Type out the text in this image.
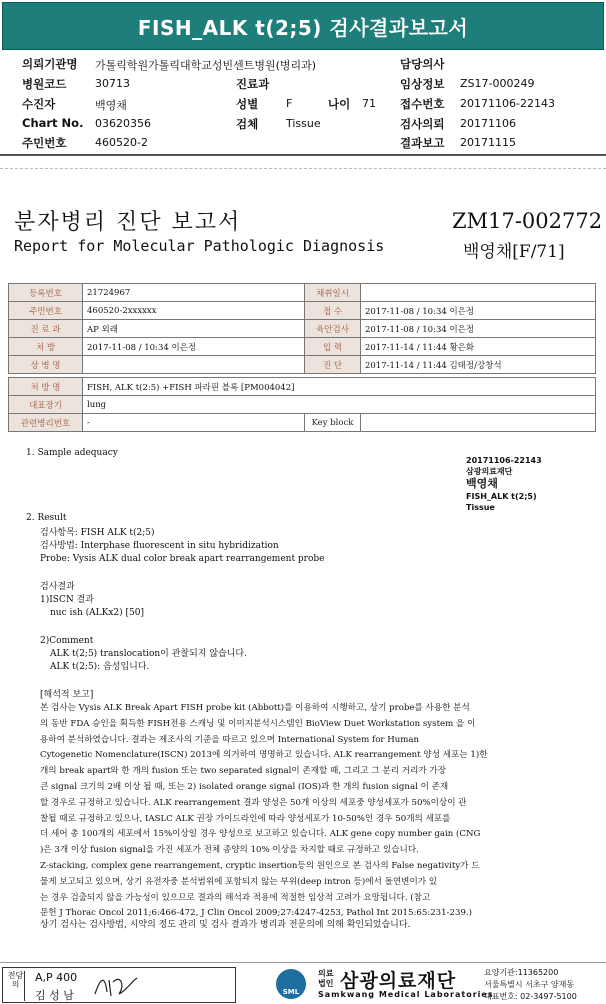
FISH_ALK t(2;5) 검사결과보고서
의뢰기관명 가톨릭학원가톨릭대학교성빈센트병원(병리과)	담당의사
병원코드	30713	진료과	임상정보 ZS17-000249
수진자	백영채	성별	F	나이 71 접수번호 20171106-22143
Chart No. 03620356	검체	Tissue	검사의뢰 20171106
주민번호	460520-2	결과보고 20171115
분자병리 진단 보고서
Report for Molecular Pathologic Diagnosis
ZM17-002772
백영채[F/71]
등록번호	21724967	채취일시	
주민번호	460520-2xxxxxx	접 수	2017-11-08 / 10:34 이은정
진 료 과	AP 외래	육안검사	2017-11-08 / 10:34 이은정
처 방	2017-11-08 / 10:34 이은정	입 력	2017-11-14 / 11:44 황은화
상 병 명		진 단	2017-11-14 / 11:44 김태정/강창석
처 방 명	FISH, ALK t(2:5) +FISH 파라핀 블록 [PM004042]		
대표장기	lung		
관련병리번호	-	Key block	
1. Sample adequacy
20171106-22143
삼광의료재단
백영채
FISH_ALK t(2;5)
Tissue
2. Result
검사항목: FISH ALK t(2;5)
검사방법: Interphase fluorescent in situ hybridization
Probe: Vysis ALK dual color break apart rearrangement probe
검사결과
1)ISCN 결과
nuc ish (ALKx2) [50]
2)Comment
ALK t(2;5) translocation이 관찰되지 않습니다.
ALK t(2;5): 음성입니다.
[해석적 보고]
본 검사는 Vysis ALK Break Apart FISH probe kit (Abbott)를 이용하여 시행하고, 상기 probe를 사용한 분석
의 동반 FDA 승인을 획득한 FISH전용 스캐닝 및 이미지분석시스템인 BioView Duet Workstation system 을 이
용하여 분석하였습니다. 결과는 제조사의 기준을 따르고 있으며 International System for Human
Cytogenetic Nomenclature(ISCN) 2013에 의거하여 명명하고 있습니다. ALK rearrangement 양성 세포는 1)한
개의 break apart와 한 개의 fusion 또는 two separated signal이 존재할 때, 그리고 그 분리 거리가 가장
큰 signal 크기의 2배 이상 될 때, 또는 2) isolated orange signal (IOS)과 한 개의 fusion signal 이 존재
할 경우로 규정하고 있습니다. ALK rearrangement 결과 양성은 50개 이상의 세포중 양성세포가 50%이상이 관
찰될 때로 규정하고 있으나, IASLC ALK 권장 가이드라인에 따라 양성세포가 10-50%인 경우 50개의 세포를
더 세어 총 100개의 세포에서 15%이상일 경우 양성으로 보고하고 있습니다. ALK gene copy number gain (CNG
)은 3개 이상 fusion signal을 가진 세포가 전체 종양의 10% 이상을 차지할 때로 규정하고 있습니다.
Z-stacking, complex gene rearrangement, cryptic insertion등의 원인으로 본 검사의 False negativity가 드
물게 보고되고 있으며, 상기 유전자중 분석범위에 포함되지 않는 부위(deep intron 등)에서 돌연변이가 있
는 경우 검출되지 않을 가능성이 있으므로 결과의 해석과 적용에 적절한 임상적 고려가 요망됩니다. (참고
문헌 J Thorac Oncol 2011;6:466-472, J Clin Oncol 2009;27:4247-4253, Pathol Int 2015:65:231-239.)
상기 검사는 검사방법, 시약의 정도 관리 및 검사 결과가 병리과 전문의에 의해 확인되었습니다.
전담의
A,P 400
김 성 남	SML
의료법인 삼광의료재단
Samkwang Medical Laboratories
요양기관:11365200
서울특별시 서초구 양재동
대표번호: 02-3497-5100
